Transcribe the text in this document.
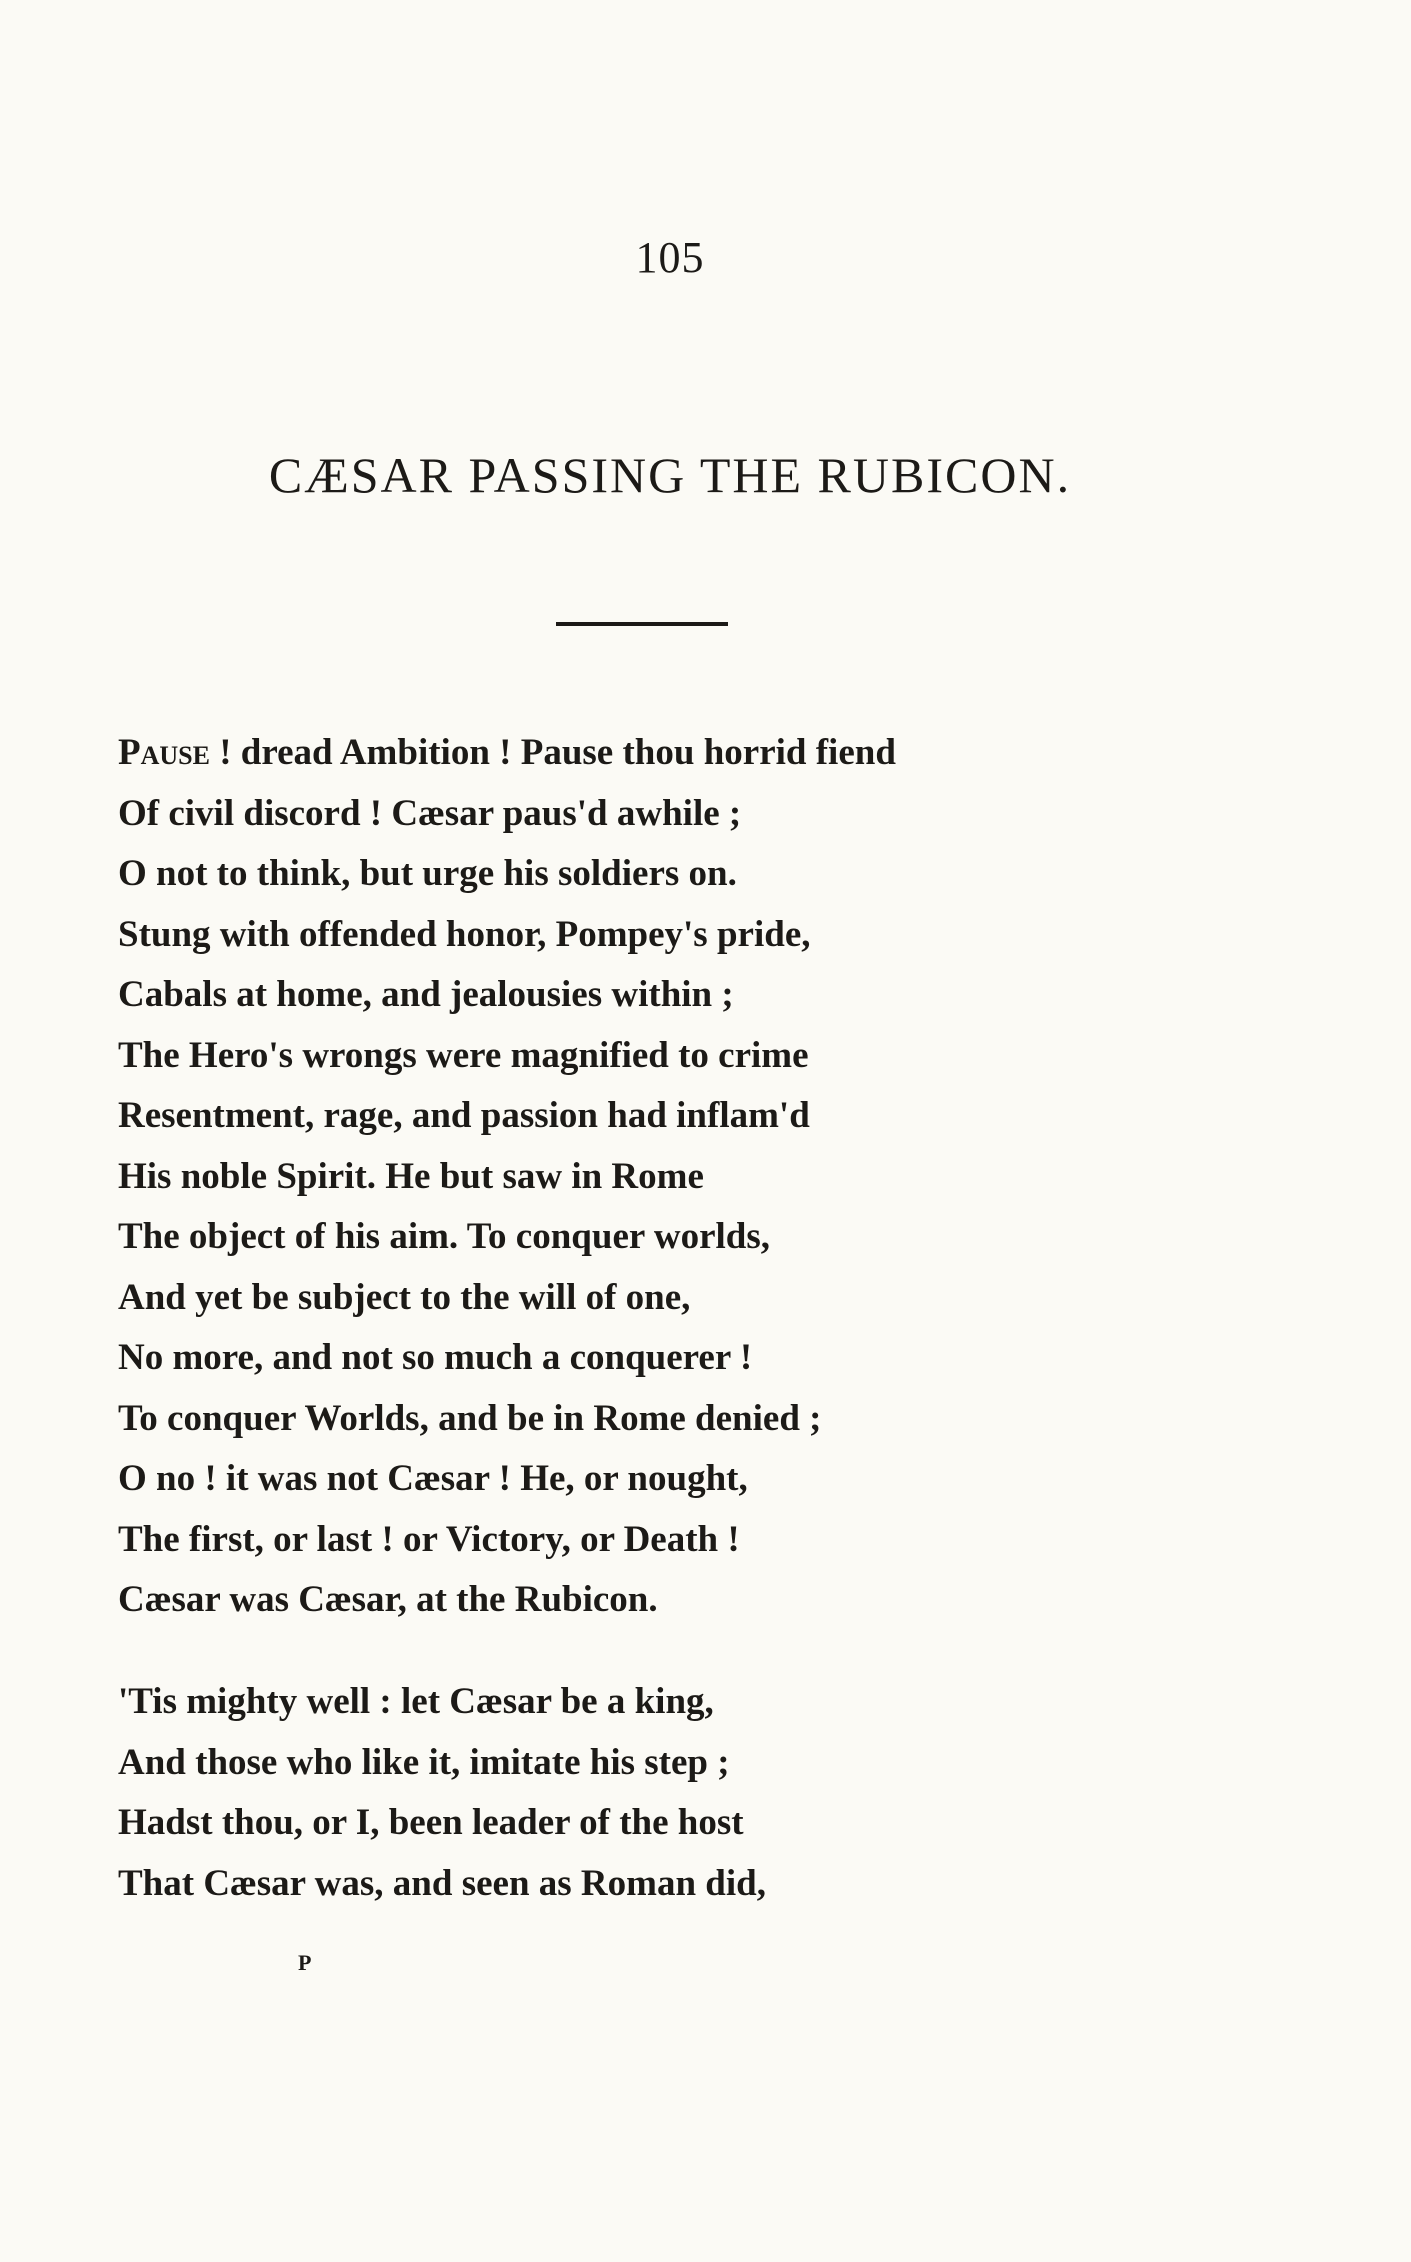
105
CÆSAR PASSING THE RUBICON.
Pause ! dread Ambition ! Pause thou horrid fiend
Of civil discord ! Cæsar paus'd awhile ;
O not to think, but urge his soldiers on.
Stung with offended honor, Pompey's pride,
Cabals at home, and jealousies within ;
The Hero's wrongs were magnified to crime
Resentment, rage, and passion had inflam'd
His noble Spirit. He but saw in Rome
The object of his aim. To conquer worlds,
And yet be subject to the will of one,
No more, and not so much a conquerer !
To conquer Worlds, and be in Rome denied ;
O no ! it was not Cæsar ! He, or nought,
The first, or last ! or Victory, or Death !
Cæsar was Cæsar, at the Rubicon.
'Tis mighty well : let Cæsar be a king,
And those who like it, imitate his step ;
Hadst thou, or I, been leader of the host
That Cæsar was, and seen as Roman did,
P
